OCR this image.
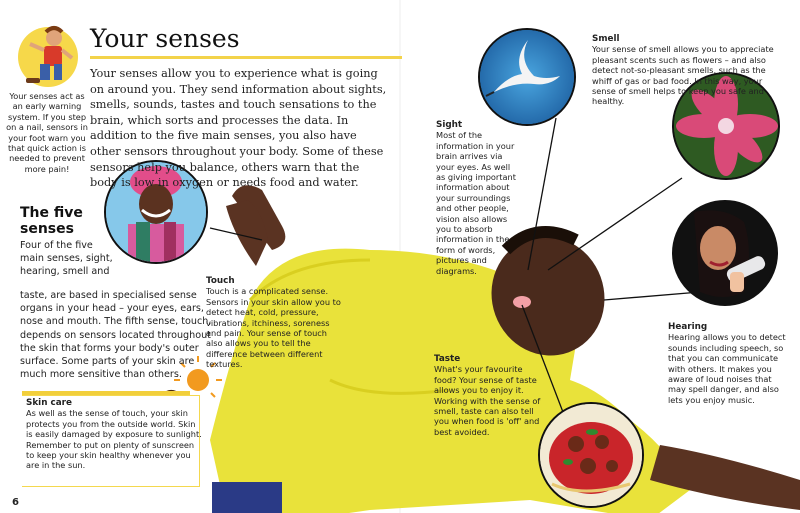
Your senses

Your senses allow you to experience what is going on around you. They send information about sights, smells, sounds, tastes and touch sensations to the brain, which sorts and processes the data. In addition to the five main senses, you also have other sensors throughout your body. Some of these sensors help you balance, others warn that the body is low in oxygen or needs food and water.

Your senses act as an early warning system. If you step on a nail, sensors in your foot warn you that quick action is needed to prevent more pain!

The five
senses

Four of the five main senses, sight, hearing, smell and

taste, are based in specialised sense organs in your head – your eyes, ears, nose and mouth. The fifth sense, touch, depends on sensors located throughout the skin that forms your body's outer surface. Some parts of your skin are much more sensitive than others.

Skin care
As well as the sense of touch, your skin protects you from the outside world. Skin is easily damaged by exposure to sunlight. Remember to put on plenty of sunscreen to keep your skin healthy whenever you are in the sun.
Touch
Touch is a complicated sense. Sensors in your skin allow you to detect heat, cold, pressure, vibrations, itchiness, soreness and pain. Your sense of touch also allows you to tell the difference between different textures.
Sight
Most of the information in your brain arrives via your eyes. As well as giving important information about your surroundings and other people, vision also allows you to absorb information in the form of words, pictures and diagrams.
Smell
Your sense of smell allows you to appreciate pleasant scents such as flowers – and also detect not-so-pleasant smells, such as the whiff of gas or bad food. In this way, your sense of smell helps to keep you safe and healthy.
Hearing
Hearing allows you to detect sounds including speech, so that you can communicate with others. It makes you aware of loud noises that may spell danger, and also lets you enjoy music.
Taste
What's your favourite food? Your sense of taste allows you to enjoy it. Working with the sense of smell, taste can also tell you when food is 'off' and best avoided.
6
